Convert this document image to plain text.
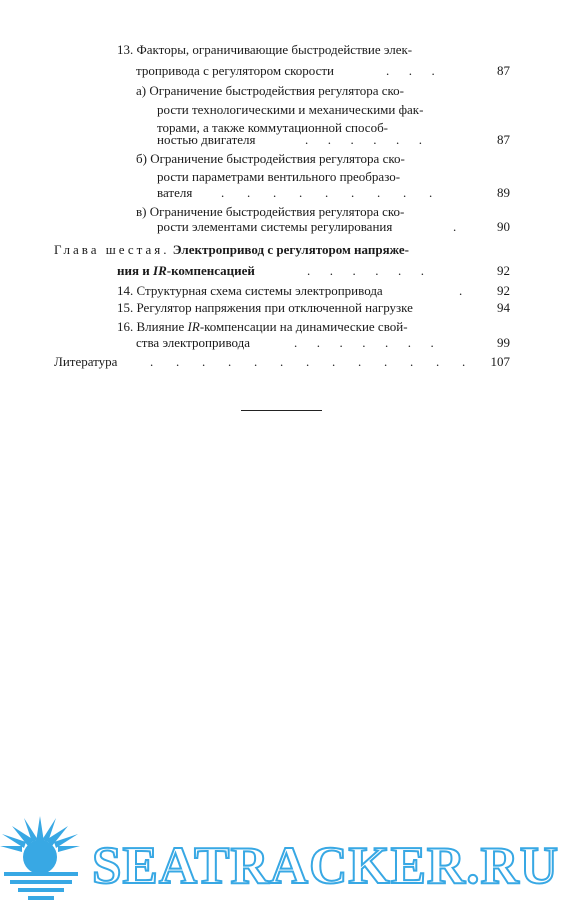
13. Факторы, ограничивающие быстродействие элек-
тропривода с регулятором скорости	.      .      .	87
а) Ограничение быстродействия регулятора ско-
рости технологическими и механическими фак-
торами, а также коммутационной способ-
ностью двигателя	.      .      .      .      .      .	87
б) Ограничение быстродействия регулятора ско-
рости параметрами вентильного преобразо-
вателя .       .       .       .       .       .       .       .       .	89
в) Ограничение быстродействия регулятора ско-
рости элементами системы регулирования	.	90
Глава шестая. Электропривод с регулятором напряже-
ния и IR-компенсацией	.      .      .      .      .      .	92
14. Структурная схема системы электропривода	.	92
15. Регулятор напряжения при отключенной нагрузке	94
16. Влияние IR-компенсации на динамические свой-
ства электропривода	.      .      .      .      .      .      .	99
Литература	.       .       .       .       .       .       .       .       .       .       .       .       .	107
SEATRACKER.RU
